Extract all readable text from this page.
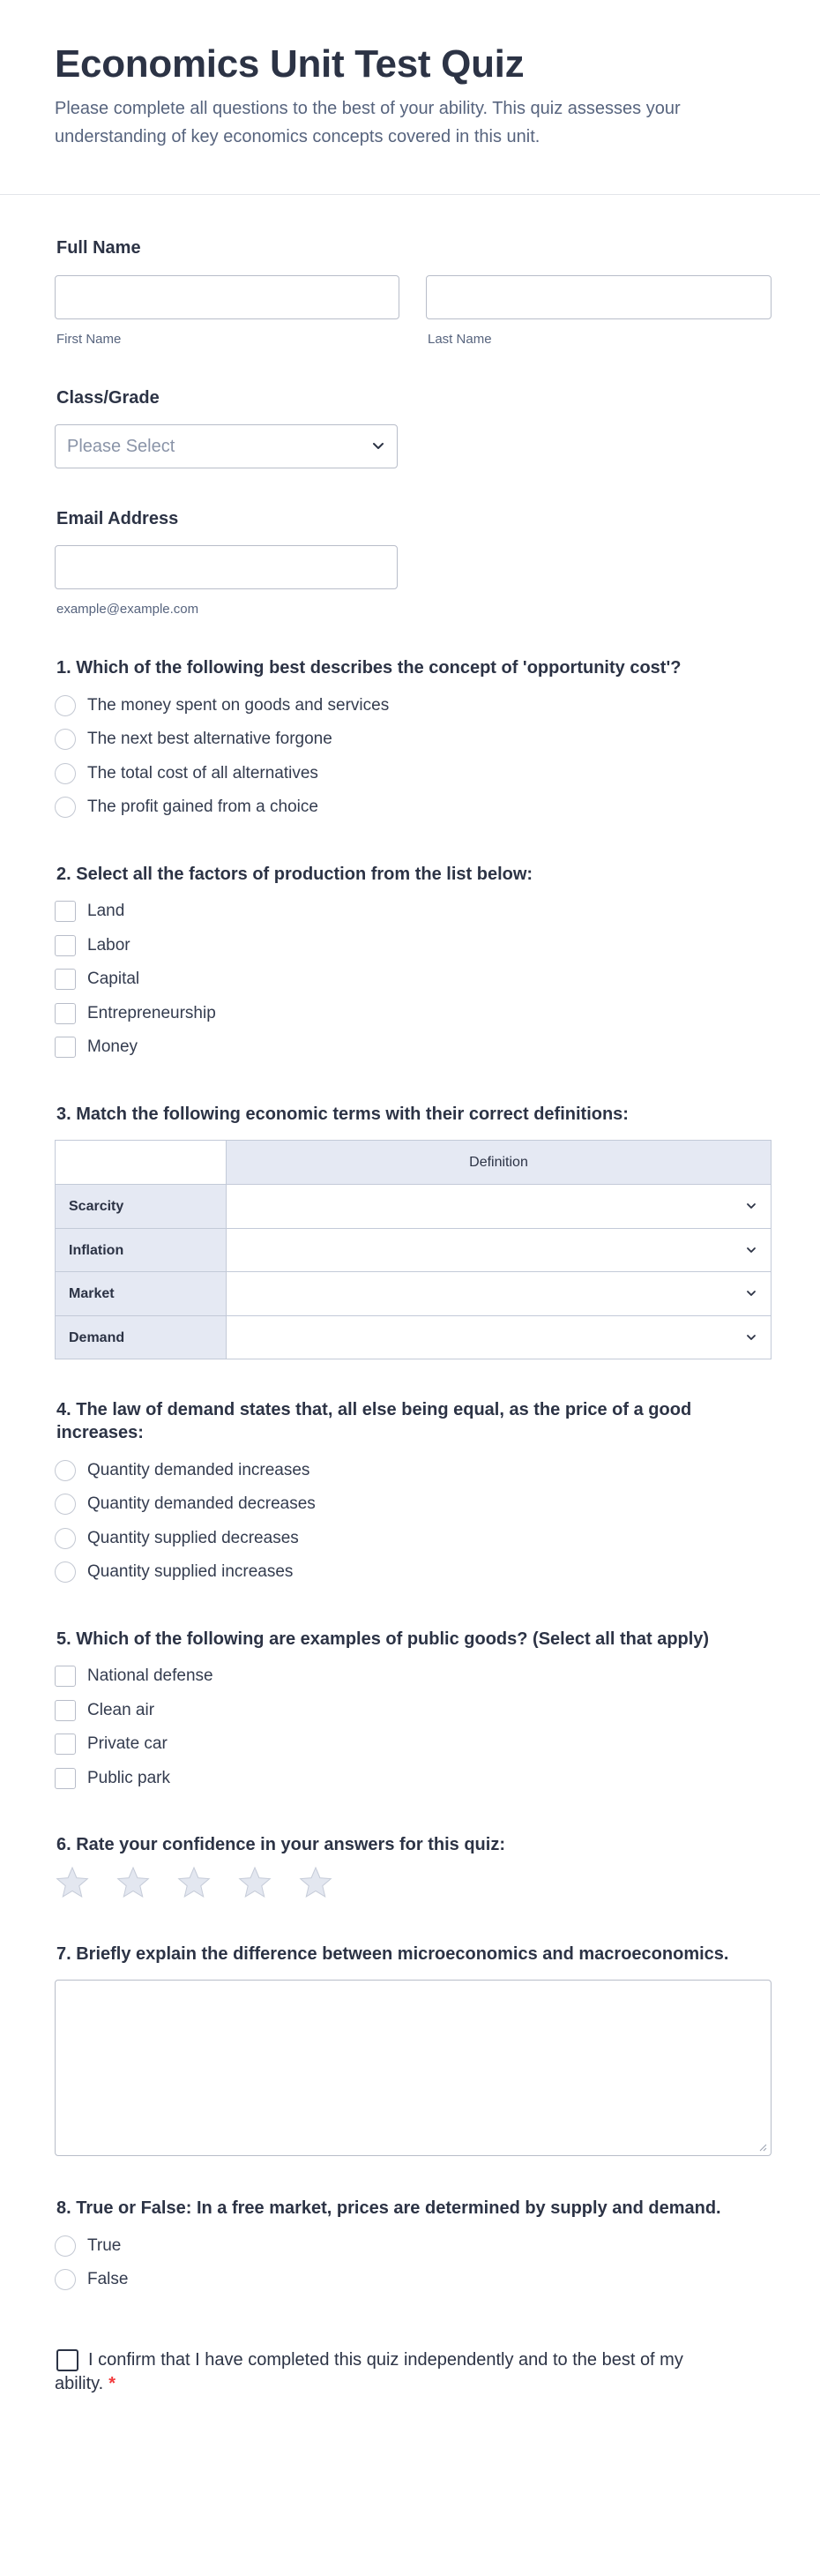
Economics Unit Test Quiz
Please complete all questions to the best of your ability. This quiz assesses your understanding of key economics concepts covered in this unit.
Full Name
First Name	Last Name
Class/Grade
Please Select
Email Address
example@example.com
1. Which of the following best describes the concept of 'opportunity cost'?
The money spent on goods and services
The next best alternative forgone
The total cost of all alternatives
The profit gained from a choice
2. Select all the factors of production from the list below:
Land
Labor
Capital
Entrepreneurship
Money
3. Match the following economic terms with their correct definitions:
Definition
Scarcity
Inflation
Market
Demand
4. The law of demand states that, all else being equal, as the price of a good increases:
Quantity demanded increases
Quantity demanded decreases
Quantity supplied decreases
Quantity supplied increases
5. Which of the following are examples of public goods? (Select all that apply)
National defense
Clean air
Private car
Public park
6. Rate your confidence in your answers for this quiz:
7. Briefly explain the difference between microeconomics and macroeconomics.
8. True or False: In a free market, prices are determined by supply and demand.
True
False
I confirm that I have completed this quiz independently and to the best of my ability. *
